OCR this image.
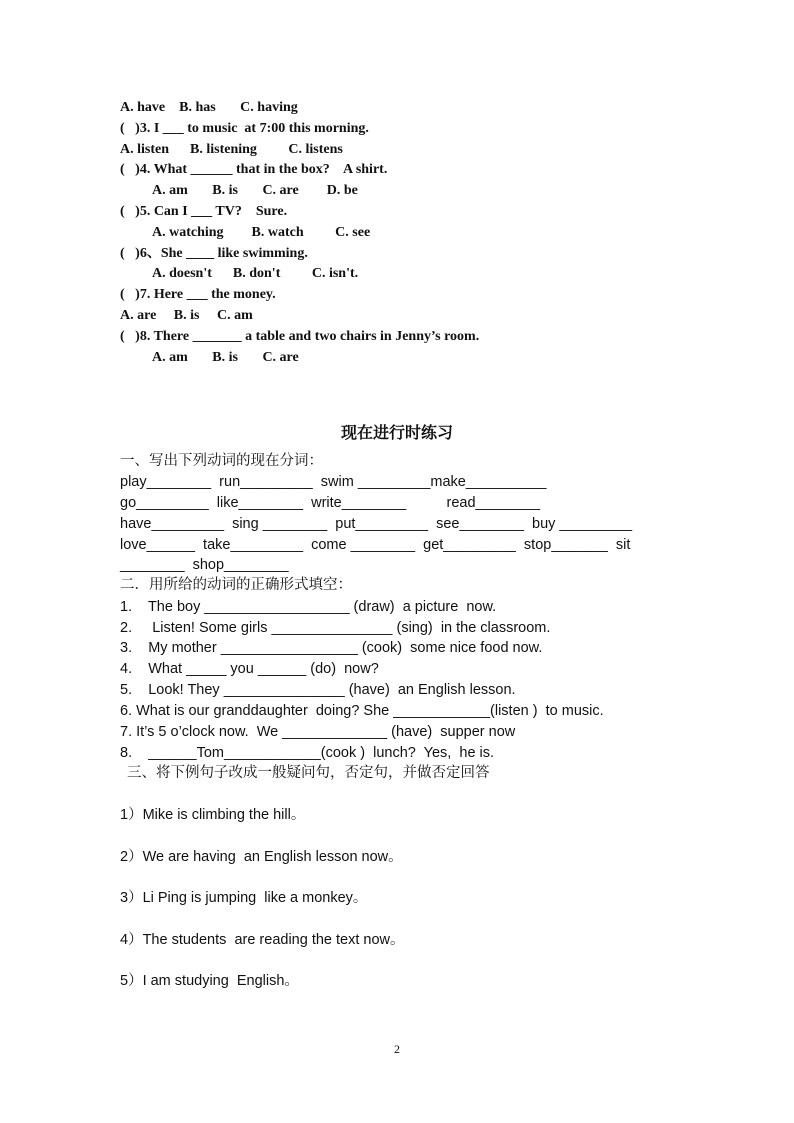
A. have    B. has       C. having
(   )3. I ___ to music  at 7:00 this morning.
A. listen      B. listening         C. listens
(   )4. What ______ that in the box?    A shirt.
A. am       B. is       C. are        D. be
(   )5. Can I ___ TV?    Sure.
A. watching        B. watch         C. see
(   )6、She ____ like swimming.
A. doesn't      B. don't         C. isn't.
(   )7. Here ___ the money.
A. are     B. is     C. am
(   )8. There _______ a table and two chairs in Jenny’s room.
A. am       B. is       C. are
现在进行时练习
一、写出下列动词的现在分词：
play________  run_________  swim _________make__________
go_________  like________  write________          read________
have_________  sing ________  put_________  see________  buy _________
love______  take_________  come ________  get_________  stop_______  sit
________  shop________
二．用所给的动词的正确形式填空：
1.    The boy __________________ (draw)  a picture  now.
2.     Listen! Some girls _______________ (sing)  in the classroom.
3.    My mother _________________ (cook)  some nice food now.
4.    What _____ you ______ (do)  now?
5.    Look! They _______________ (have)  an English lesson.
6. What is our granddaughter  doing? She ____________(listen )  to music.
7. It’s 5 o’clock now.  We _____________ (have)  supper now
8.    ______Tom____________(cook )  lunch?  Yes,  he is.
三、将下例句子改成一般疑问句，否定句，并做否定回答
1）Mike is climbing the hill。
2）We are having  an English lesson now。
3）Li Ping is jumping  like a monkey。
4）The students  are reading the text now。
5）I am studying  English。
2
